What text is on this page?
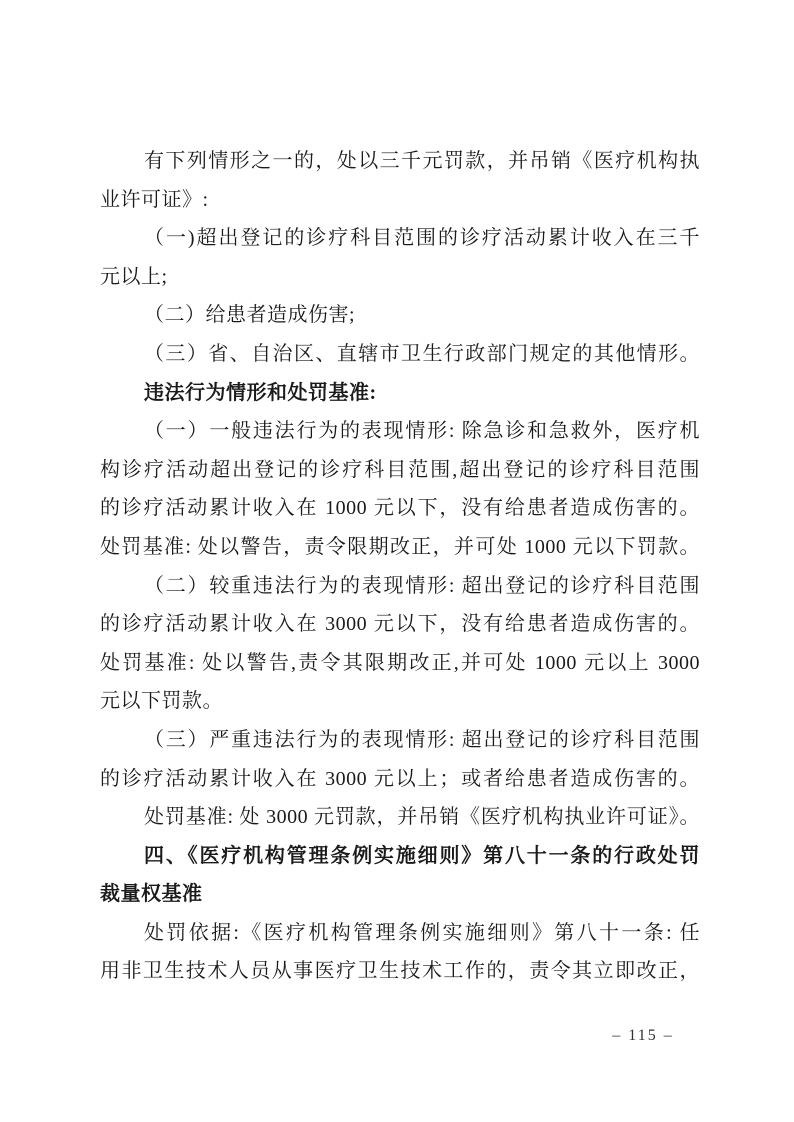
有下列情形之一的，处以三千元罚款，并吊销《医疗机构执
业许可证》:
（一)超出登记的诊疗科目范围的诊疗活动累计收入在三千
元以上;
（二）给患者造成伤害;
（三）省、自治区、直辖市卫生行政部门规定的其他情形。
违法行为情形和处罚基准:
（一）一般违法行为的表现情形: 除急诊和急救外，医疗机
构诊疗活动超出登记的诊疗科目范围,超出登记的诊疗科目范围
的诊疗活动累计收入在 1000 元以下，没有给患者造成伤害的。
处罚基准: 处以警告，责令限期改正，并可处 1000 元以下罚款。
（二）较重违法行为的表现情形: 超出登记的诊疗科目范围
的诊疗活动累计收入在 3000 元以下，没有给患者造成伤害的。
处罚基准: 处以警告,责令其限期改正,并可处 1000 元以上 3000
元以下罚款。
（三）严重违法行为的表现情形: 超出登记的诊疗科目范围
的诊疗活动累计收入在 3000 元以上；或者给患者造成伤害的。
处罚基准: 处 3000 元罚款，并吊销《医疗机构执业许可证》。
四、《医疗机构管理条例实施细则》第八十一条的行政处罚
裁量权基准
处罚依据:《医疗机构管理条例实施细则》第八十一条: 任
用非卫生技术人员从事医疗卫生技术工作的，责令其立即改正，
– 115 –
